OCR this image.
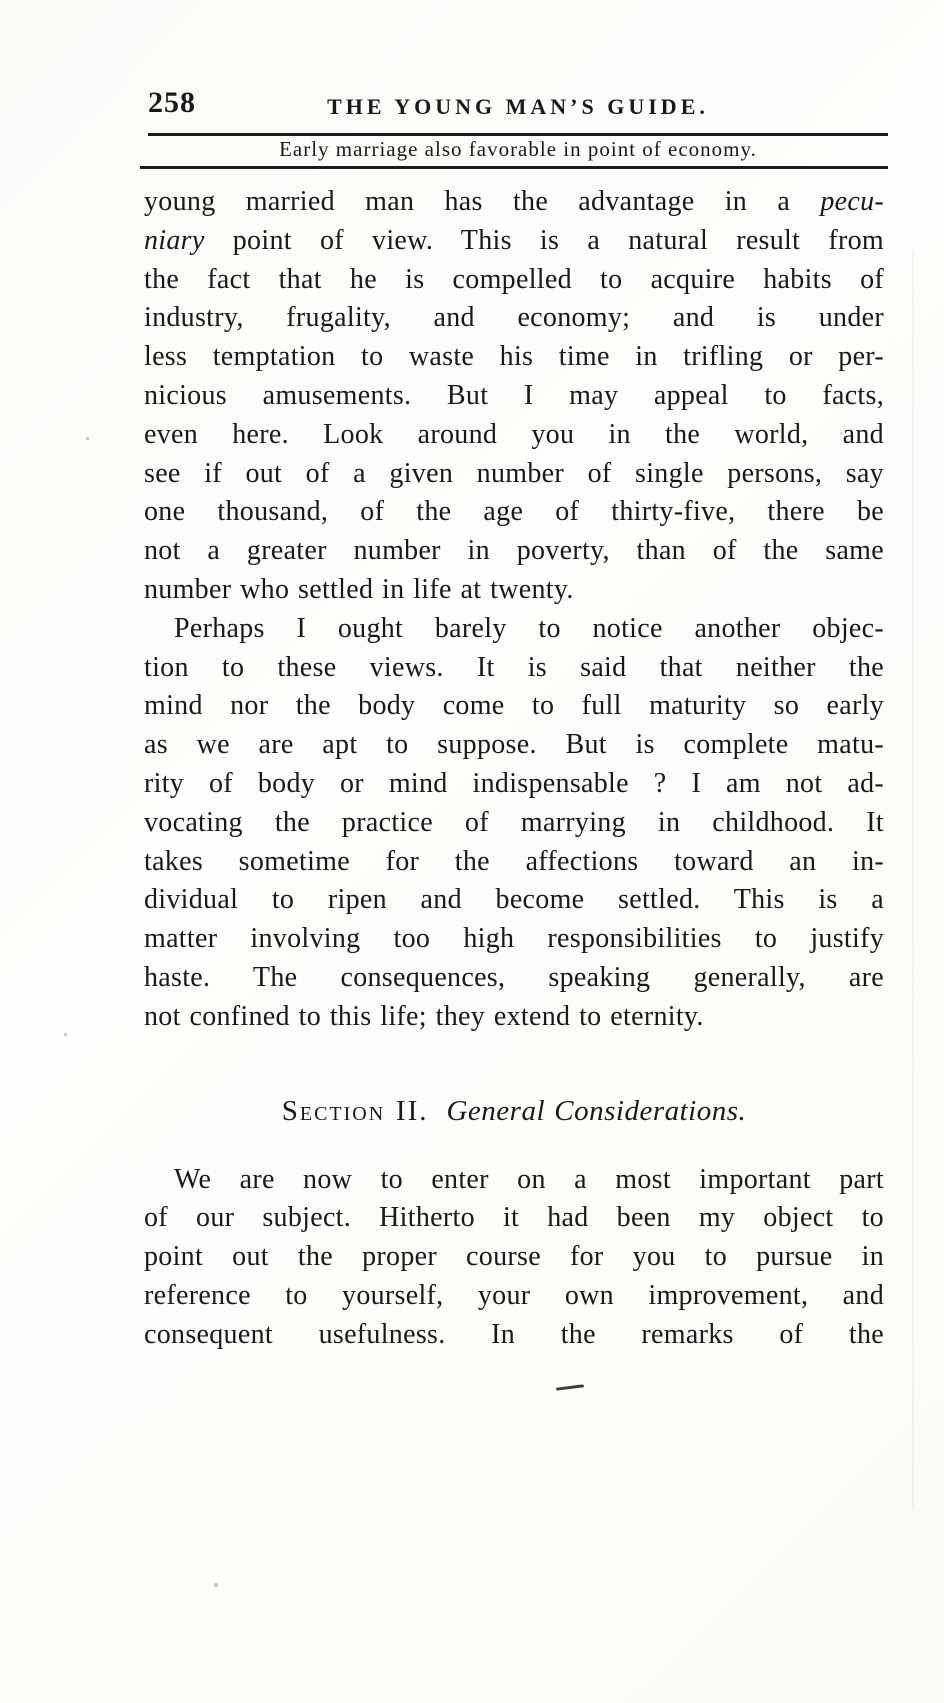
258	THE YOUNG MAN’S GUIDE.
Early marriage also favorable in point of economy.
young married man has the advantage in a pecu-
niary point of view. This is a natural result from
the fact that he is compelled to acquire habits of
industry, frugality, and economy; and is under
less temptation to waste his time in trifling or per-
nicious amusements. But I may appeal to facts,
even here. Look around you in the world, and
see if out of a given number of single persons, say
one thousand, of the age of thirty-five, there be
not a greater number in poverty, than of the same
number who settled in life at twenty.
Perhaps I ought barely to notice another objec-
tion to these views. It is said that neither the
mind nor the body come to full maturity so early
as we are apt to suppose. But is complete matu-
rity of body or mind indispensable ? I am not ad-
vocating the practice of marrying in childhood. It
takes sometime for the affections toward an in-
dividual to ripen and become settled. This is a
matter involving too high responsibilities to justify
haste. The consequences, speaking generally, are
not confined to this life; they extend to eternity.
Section II. General Considerations.
We are now to enter on a most important part
of our subject. Hitherto it had been my object to
point out the proper course for you to pursue in
reference to yourself, your own improvement, and
consequent usefulness. In the remarks of the
